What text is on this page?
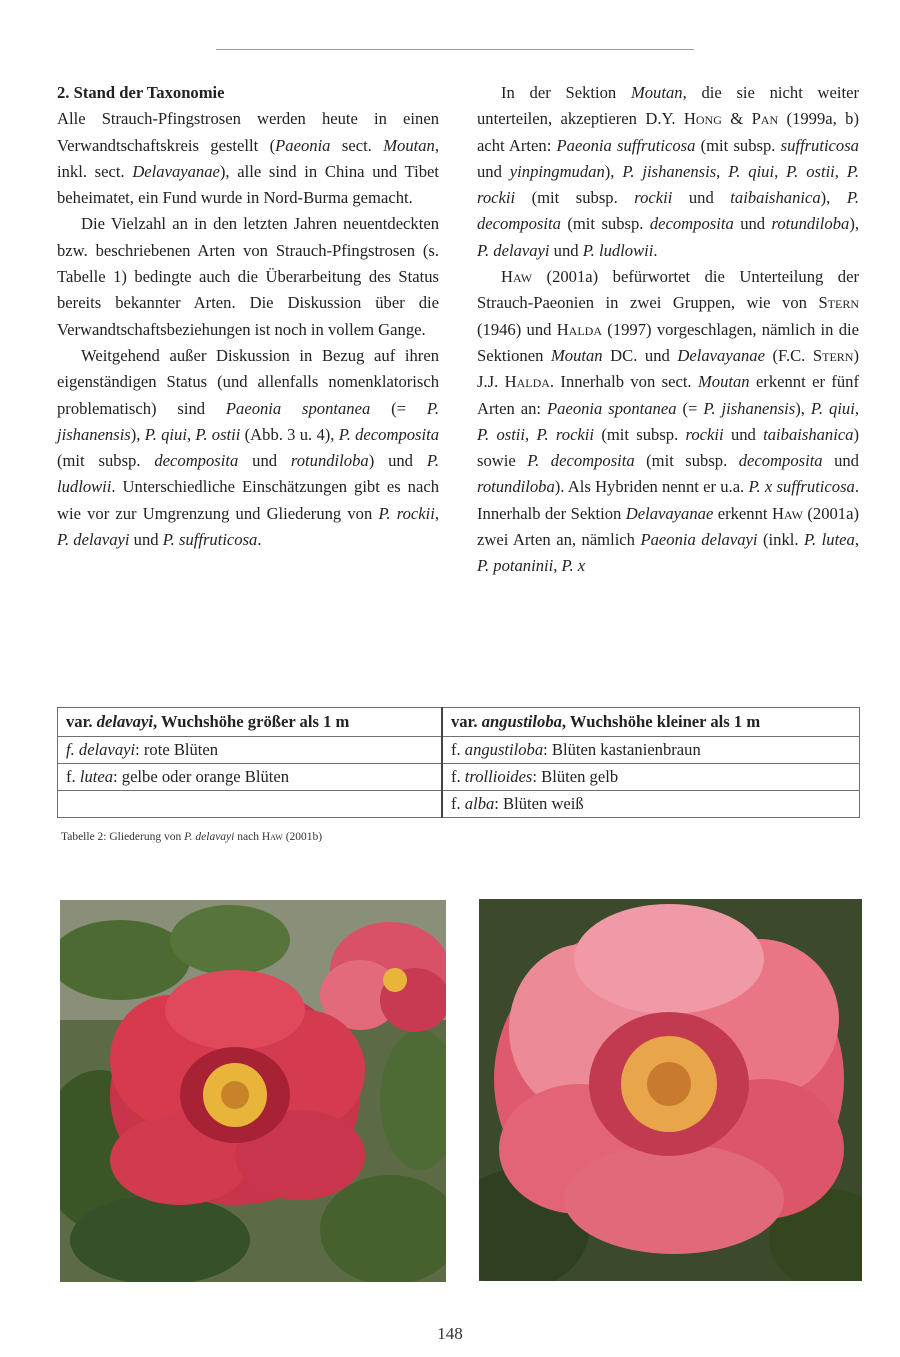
2. Stand der Taxonomie

Alle Strauch-Pfingstrosen werden heute in einen Verwandtschaftskreis gestellt (Paeonia sect. Moutan, inkl. sect. Delavayanae), alle sind in China und Tibet beheimatet, ein Fund wurde in Nord-Burma gemacht.

Die Vielzahl an in den letzten Jahren neuentdeckten bzw. beschriebenen Arten von Strauch-Pfingstrosen (s. Tabelle 1) bedingte auch die Überarbeitung des Status bereits bekannter Arten. Die Diskussion über die Verwandtschaftsbeziehungen ist noch in vollem Gange.

Weitgehend außer Diskussion in Bezug auf ihren eigenständigen Status (und allenfalls nomenklatorisch problematisch) sind Paeonia spontanea (= P. jishanensis), P. qiui, P. ostii (Abb. 3 u. 4), P. decomposita (mit subsp. decomposita und rotundiloba) und P. ludlowii. Unterschiedliche Einschätzungen gibt es nach wie vor zur Umgrenzung und Gliederung von P. rockii, P. delavayi und P. suffruticosa.

In der Sektion Moutan, die sie nicht weiter unterteilen, akzeptieren D.Y. Hong & Pan (1999a, b) acht Arten: Paeonia suffruticosa (mit subsp. suffruticosa und yinpingmudan), P. jishanensis, P. qiui, P. ostii, P. rockii (mit subsp. rockii und taibaishanica), P. decomposita (mit subsp. decomposita und rotundiloba), P. delavayi und P. ludlowii.

Haw (2001a) befürwortet die Unterteilung der Strauch-Paeonien in zwei Gruppen, wie von Stern (1946) und Halda (1997) vorgeschlagen, nämlich in die Sektionen Moutan DC. und Delavayanae (F.C. Stern) J.J. Halda. Innerhalb von sect. Moutan erkennt er fünf Arten an: Paeonia spontanea (= P. jishanensis), P. qiui, P. ostii, P. rockii (mit subsp. rockii und taibaishanica) sowie P. decomposita (mit subsp. decomposita und rotundiloba). Als Hybriden nennt er u.a. P. x suffruticosa. Innerhalb der Sektion Delavayanae erkennt Haw (2001a) zwei Arten an, nämlich Paeonia delavayi (inkl. P. lutea, P. potaninii, P. x

var. delavayi, Wuchshöhe größer als 1 m	var. angustiloba, Wuchshöhe kleiner als 1 m
f. delavayi: rote Blüten	f. angustiloba: Blüten kastanienbraun
f. lutea: gelbe oder orange Blüten	f. trollioides: Blüten gelb
	f. alba: Blüten weiß
Tabelle 2: Gliederung von P. delavayi nach Haw (2001b)
148
